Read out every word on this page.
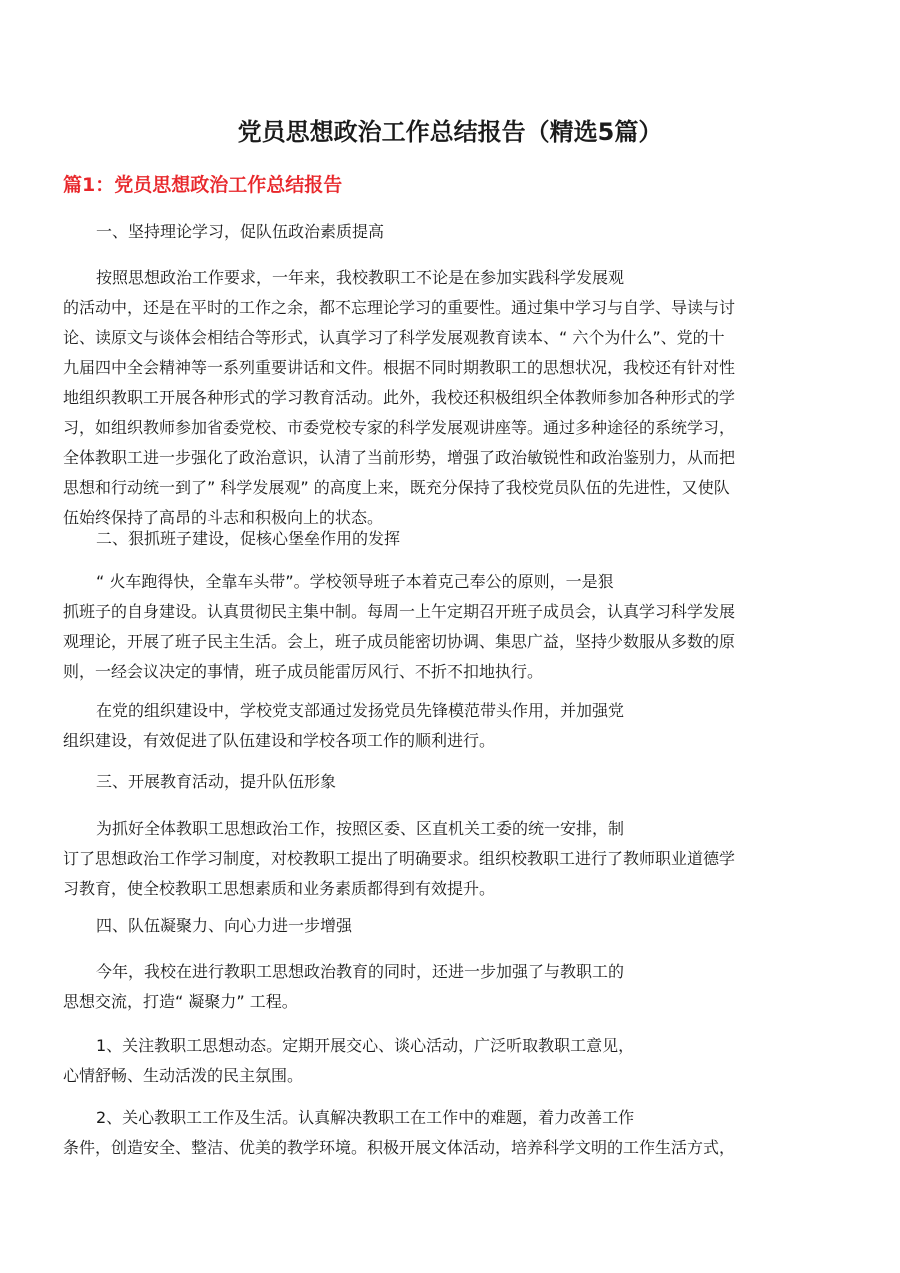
党员思想政治工作总结报告（精选5篇）
篇1：党员思想政治工作总结报告
一、坚持理论学习，促队伍政治素质提高
按照思想政治工作要求，一年来，我校教职工不论是在参加实践科学发展观
的活动中，还是在平时的工作之余，都不忘理论学习的重要性。通过集中学习与自学、导读与讨
论、读原文与谈体会相结合等形式，认真学习了科学发展观教育读本、“ 六个为什么”、党的十
九届四中全会精神等一系列重要讲话和文件。根据不同时期教职工的思想状况，我校还有针对性
地组织教职工开展各种形式的学习教育活动。此外，我校还积极组织全体教师参加各种形式的学
习，如组织教师参加省委党校、市委党校专家的科学发展观讲座等。通过多种途径的系统学习，
全体教职工进一步强化了政治意识，认清了当前形势，增强了政治敏锐性和政治鉴别力，从而把
思想和行动统一到了” 科学发展观” 的高度上来，既充分保持了我校党员队伍的先进性，又使队
伍始终保持了高昂的斗志和积极向上的状态。
二、狠抓班子建设，促核心堡垒作用的发挥
“ 火车跑得快，全靠车头带”。学校领导班子本着克己奉公的原则，一是狠
抓班子的自身建设。认真贯彻民主集中制。每周一上午定期召开班子成员会，认真学习科学发展
观理论，开展了班子民主生活。会上，班子成员能密切协调、集思广益，坚持少数服从多数的原
则，一经会议决定的事情，班子成员能雷厉风行、不折不扣地执行。
在党的组织建设中，学校党支部通过发扬党员先锋模范带头作用，并加强党
组织建设，有效促进了队伍建设和学校各项工作的顺利进行。
三、开展教育活动，提升队伍形象
为抓好全体教职工思想政治工作，按照区委、区直机关工委的统一安排，制
订了思想政治工作学习制度，对校教职工提出了明确要求。组织校教职工进行了教师职业道德学
习教育，使全校教职工思想素质和业务素质都得到有效提升。
四、队伍凝聚力、向心力进一步增强
今年，我校在进行教职工思想政治教育的同时，还进一步加强了与教职工的
思想交流，打造“ 凝聚力” 工程。
1、关注教职工思想动态。定期开展交心、谈心活动，广泛听取教职工意见，
心情舒畅、生动活泼的民主氛围。
2、关心教职工工作及生活。认真解决教职工在工作中的难题，着力改善工作
条件，创造安全、整洁、优美的教学环境。积极开展文体活动，培养科学文明的工作生活方式，
